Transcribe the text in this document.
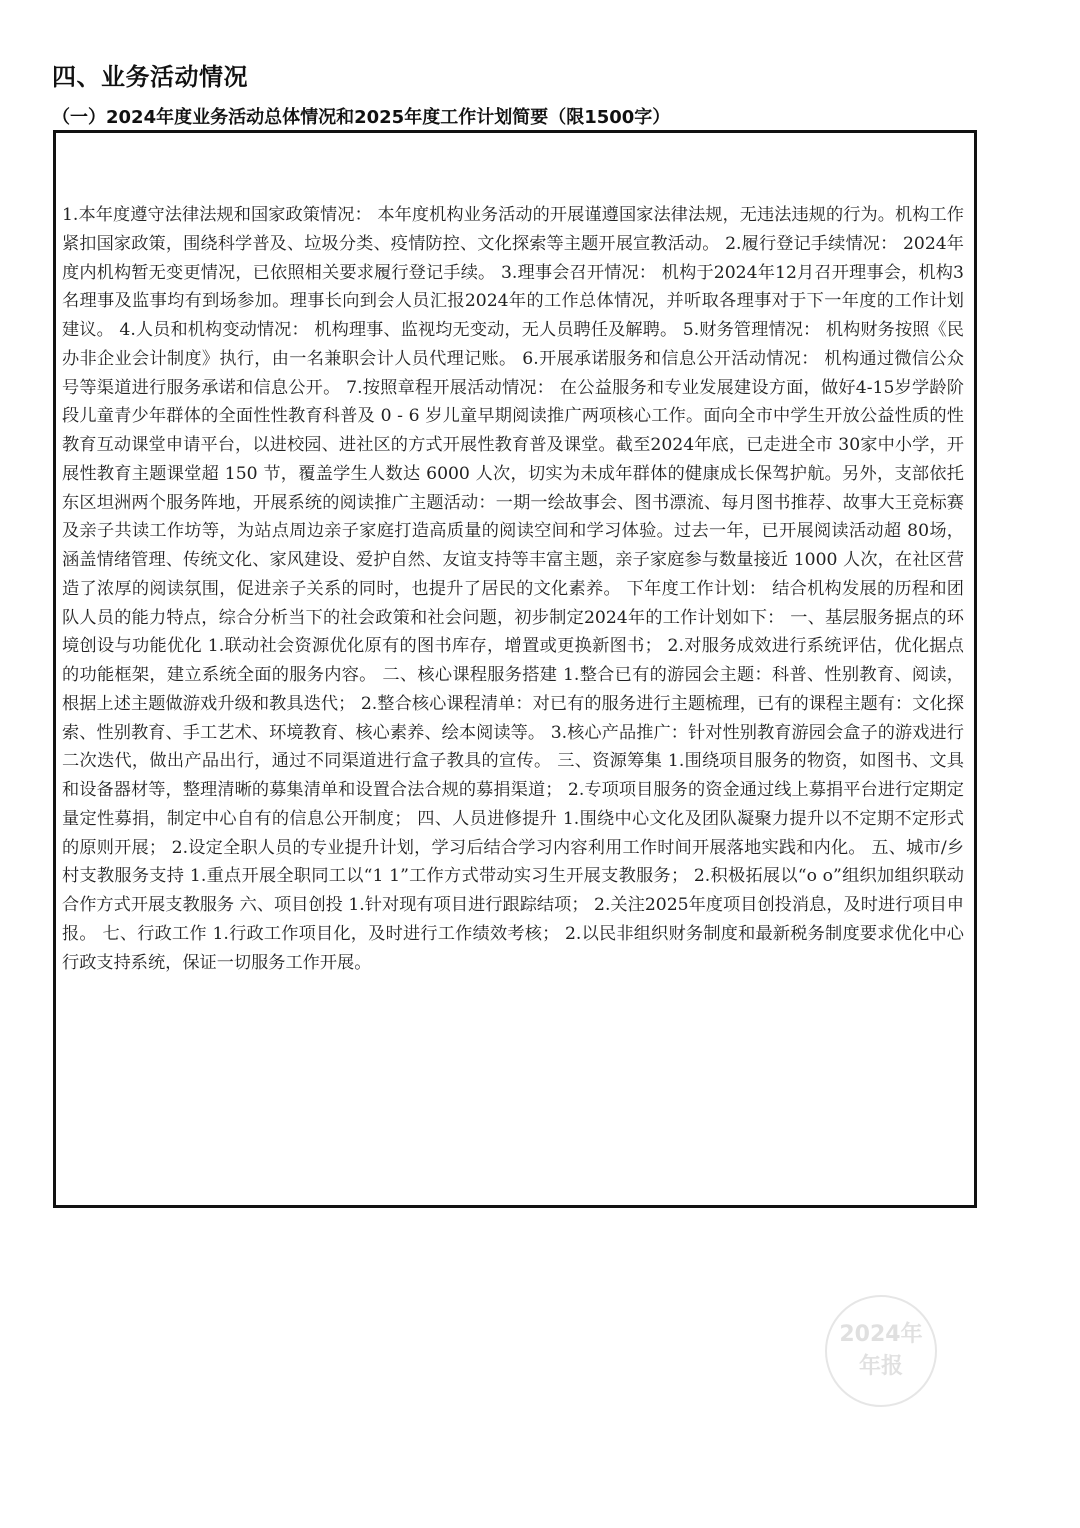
四、业务活动情况
（一）2024年度业务活动总体情况和2025年度工作计划简要（限1500字）

1.本年度遵守法律法规和国家政策情况： 本年度机构业务活动的开展谨遵国家法律法规，无违法违规的行为。机构工作紧扣国家政策，围绕科学普及、垃圾分类、疫情防控、文化探索等主题开展宣教活动。 2.履行登记手续情况： 2024年度内机构暂无变更情况，已依照相关要求履行登记手续。 3.理事会召开情况： 机构于2024年12月召开理事会，机构3名理事及监事均有到场参加。理事长向到会人员汇报2024年的工作总体情况，并听取各理事对于下一年度的工作计划建议。 4.人员和机构变动情况： 机构理事、监视均无变动，无人员聘任及解聘。 5.财务管理情况： 机构财务按照《民办非企业会计制度》执行，由一名兼职会计人员代理记账。 6.开展承诺服务和信息公开活动情况： 机构通过微信公众号等渠道进行服务承诺和信息公开。 7.按照章程开展活动情况： 在公益服务和专业发展建设方面，做好4-15岁学龄阶段儿童青少年群体的全面性性教育科普及 0 - 6 岁儿童早期阅读推广两项核心工作。面向全市中学生开放公益性质的性教育互动课堂申请平台，以进校园、进社区的方式开展性教育普及课堂。截至2024年底，已走进全市 30家中小学，开展性教育主题课堂超 150 节，覆盖学生人数达 6000 人次，切实为未成年群体的健康成长保驾护航。另外，支部依托东区坦洲两个服务阵地，开展系统的阅读推广主题活动：一期一绘故事会、图书漂流、每月图书推荐、故事大王竞标赛及亲子共读工作坊等，为站点周边亲子家庭打造高质量的阅读空间和学习体验。过去一年，已开展阅读活动超 80场，涵盖情绪管理、传统文化、家风建设、爱护自然、友谊支持等丰富主题，亲子家庭参与数量接近 1000 人次，在社区营造了浓厚的阅读氛围，促进亲子关系的同时，也提升了居民的文化素养。 下年度工作计划： 结合机构发展的历程和团队人员的能力特点，综合分析当下的社会政策和社会问题，初步制定2024年的工作计划如下： 一、基层服务据点的环境创设与功能优化 1.联动社会资源优化原有的图书库存，增置或更换新图书； 2.对服务成效进行系统评估，优化据点的功能框架，建立系统全面的服务内容。 二、核心课程服务搭建 1.整合已有的游园会主题：科普、性别教育、阅读，根据上述主题做游戏升级和教具迭代； 2.整合核心课程清单：对已有的服务进行主题梳理，已有的课程主题有：文化探索、性别教育、手工艺术、环境教育、核心素养、绘本阅读等。 3.核心产品推广：针对性别教育游园会盒子的游戏进行二次迭代，做出产品出行，通过不同渠道进行盒子教具的宣传。 三、资源筹集 1.围绕项目服务的物资，如图书、文具和设备器材等，整理清晰的募集清单和设置合法合规的募捐渠道； 2.专项项目服务的资金通过线上募捐平台进行定期定量定性募捐，制定中心自有的信息公开制度； 四、人员进修提升 1.围绕中心文化及团队凝聚力提升以不定期不定形式的原则开展； 2.设定全职人员的专业提升计划，学习后结合学习内容利用工作时间开展落地实践和内化。 五、城市/乡村支教服务支持 1.重点开展全职同工以“1 1”工作方式带动实习生开展支教服务； 2.积极拓展以“o o”组织加组织联动合作方式开展支教服务 六、项目创投 1.针对现有项目进行跟踪结项； 2.关注2025年度项目创投消息，及时进行项目申报。 七、行政工作 1.行政工作项目化，及时进行工作绩效考核； 2.以民非组织财务制度和最新税务制度要求优化中心行政支持系统，保证一切服务工作开展。

2024年
年报
